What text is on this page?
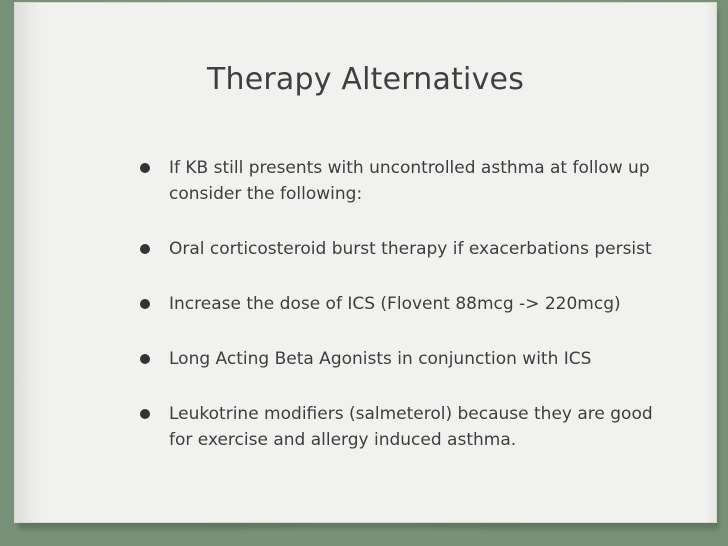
Therapy Alternatives
If KB still presents with uncontrolled asthma at follow up consider the following:
Oral corticosteroid burst therapy if exacerbations persist
Increase the dose of ICS (Flovent 88mcg -> 220mcg)
Long Acting Beta Agonists in conjunction with ICS
Leukotrine modifiers (salmeterol) because they are good for exercise and allergy induced asthma.
